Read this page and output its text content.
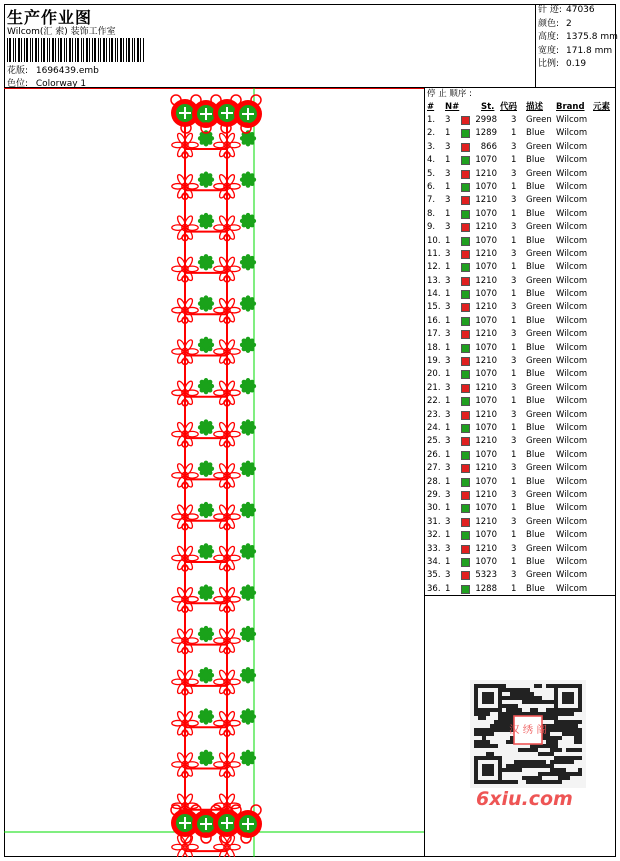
生产作业图
Wilcom(汇 索) 装饰工作室
花版: 1696439.emb
色位: Colorway 1
针 迹: 47036
颜色: 2
高度: 1375.8 mm
宽度: 171.8 mm
比例: 0.19
停 止 顺序 :
# N#	St. 代码 描述 Brand 元素
1. 3	2998 3 Green Wilcom
2. 1	1289 1 Blue Wilcom
3. 3	866 3 Green Wilcom
4. 1	1070 1 Blue Wilcom
5. 3	1210 3 Green Wilcom
6. 1	1070 1 Blue Wilcom
7. 3	1210 3 Green Wilcom
8. 1	1070 1 Blue Wilcom
9. 3	1210 3 Green Wilcom
10. 1	1070 1 Blue Wilcom
11. 3	1210 3 Green Wilcom
12. 1	1070 1 Blue Wilcom
13. 3	1210 3 Green Wilcom
14. 1	1070 1 Blue Wilcom
15. 3	1210 3 Green Wilcom
16. 1	1070 1 Blue Wilcom
17. 3	1210 3 Green Wilcom
18. 1	1070 1 Blue Wilcom
19. 3	1210 3 Green Wilcom
20. 1	1070 1 Blue Wilcom
21. 3	1210 3 Green Wilcom
22. 1	1070 1 Blue Wilcom
23. 3	1210 3 Green Wilcom
24. 1	1070 1 Blue Wilcom
25. 3	1210 3 Green Wilcom
26. 1	1070 1 Blue Wilcom
27. 3	1210 3 Green Wilcom
28. 1	1070 1 Blue Wilcom
29. 3	1210 3 Green Wilcom
30. 1	1070 1 Blue Wilcom
31. 3	1210 3 Green Wilcom
32. 1	1070 1 Blue Wilcom
33. 3	1210 3 Green Wilcom
34. 1	1070 1 Blue Wilcom
35. 3	5323 3 Green Wilcom
36. 1	1288 1 Blue Wilcom
汉 绣 阁
6xiu.com
